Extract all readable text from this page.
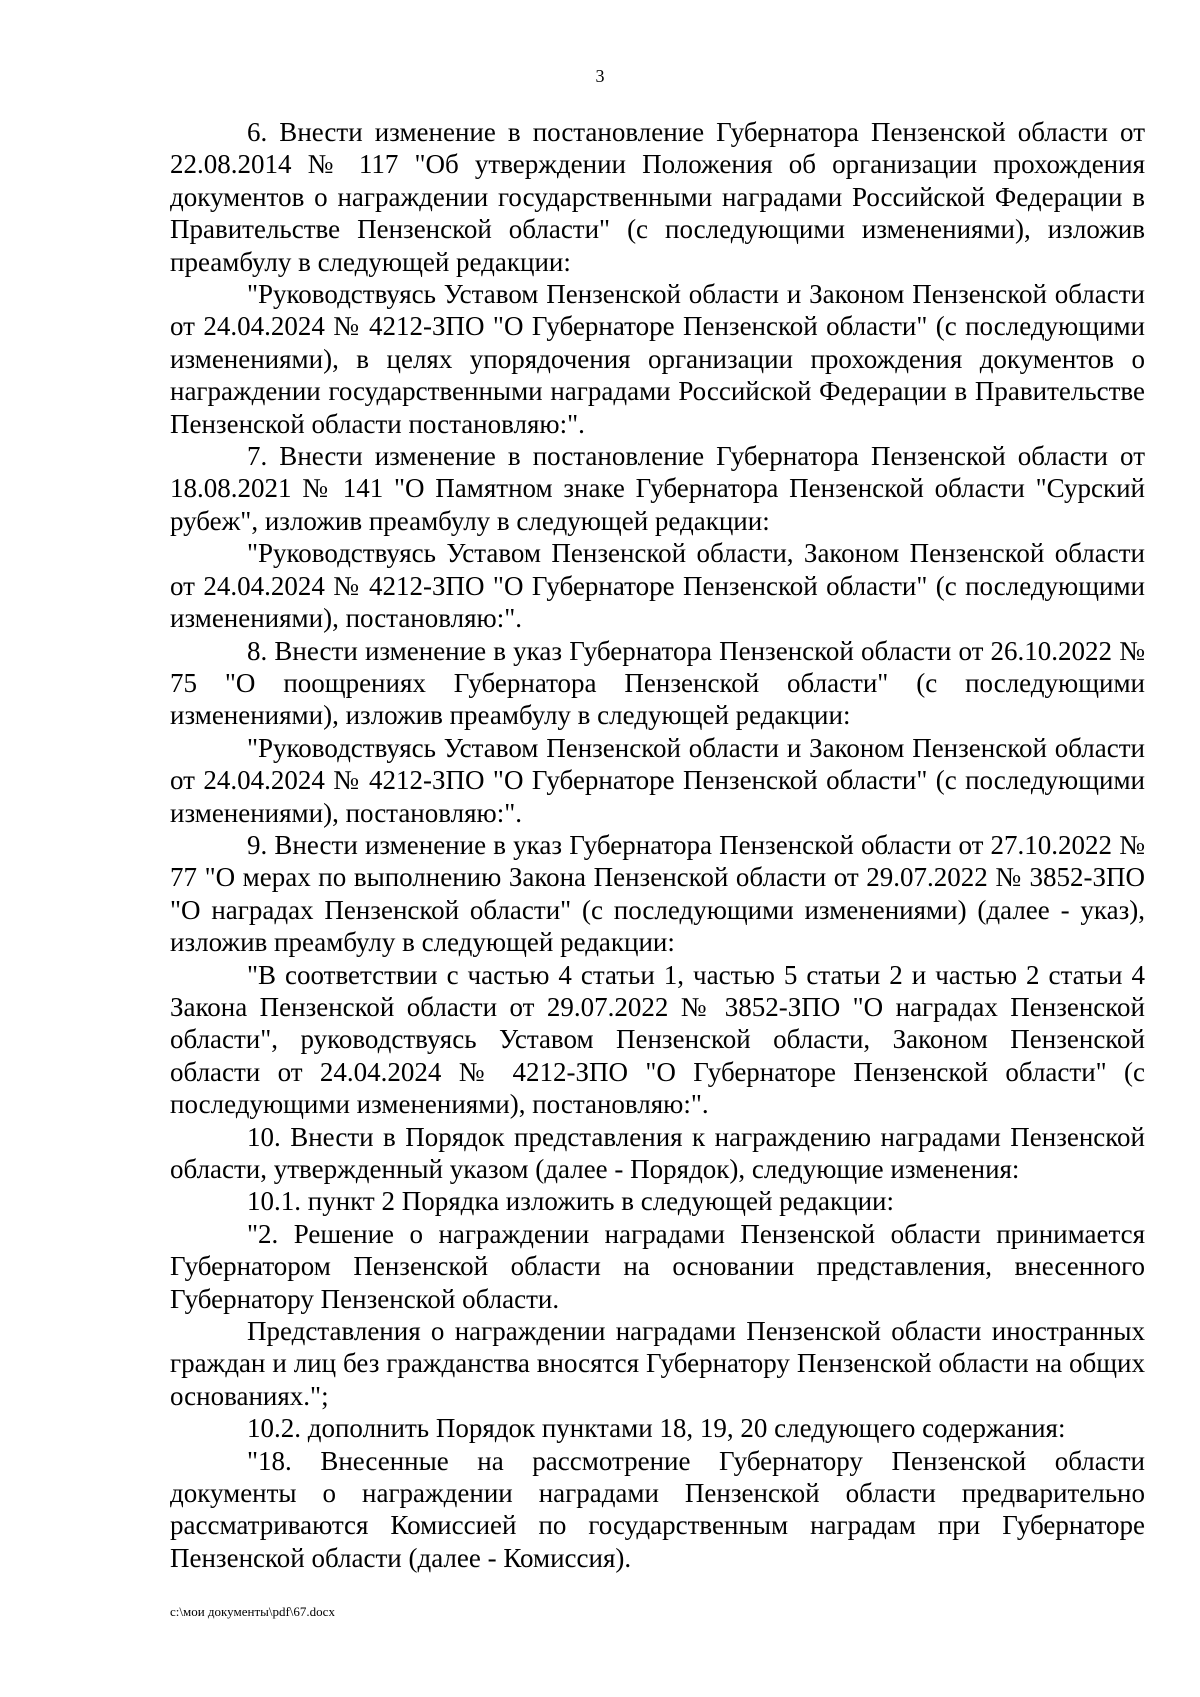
3

6. Внести изменение в постановление Губернатора Пензенской области от 22.08.2014 № 117 "Об утверждении Положения об организации прохождения документов о награждении государственными наградами Российской Федерации в Правительстве Пензенской области" (с последующими изменениями), изложив преамбулу в следующей редакции:

"Руководствуясь Уставом Пензенской области и Законом Пензенской области от 24.04.2024 № 4212-ЗПО "О Губернаторе Пензенской области" (с последующими изменениями), в целях упорядочения организации прохождения документов о награждении государственными наградами Российской Федерации в Правительстве Пензенской области постановляю:".

7. Внести изменение в постановление Губернатора Пензенской области от 18.08.2021 № 141 "О Памятном знаке Губернатора Пензенской области "Сурский рубеж", изложив преамбулу в следующей редакции:

"Руководствуясь Уставом Пензенской области, Законом Пензенской области от 24.04.2024 № 4212-ЗПО "О Губернаторе Пензенской области" (с последующими изменениями), постановляю:".

8. Внести изменение в указ Губернатора Пензенской области от 26.10.2022 № 75 "О поощрениях Губернатора Пензенской области" (с последующими изменениями), изложив преамбулу в следующей редакции:

"Руководствуясь Уставом Пензенской области и Законом Пензенской области от 24.04.2024 № 4212-ЗПО "О Губернаторе Пензенской области" (с последующими изменениями), постановляю:".

9. Внести изменение в указ Губернатора Пензенской области от 27.10.2022 № 77 "О мерах по выполнению Закона Пензенской области от 29.07.2022 № 3852-ЗПО "О наградах Пензенской области" (с последующими изменениями) (далее - указ), изложив преамбулу в следующей редакции:

"В соответствии с частью 4 статьи 1, частью 5 статьи 2 и частью 2 статьи 4 Закона Пензенской области от 29.07.2022 № 3852-ЗПО "О наградах Пензенской области", руководствуясь Уставом Пензенской области, Законом Пензенской области от 24.04.2024 № 4212-ЗПО "О Губернаторе Пензенской области" (с последующими изменениями), постановляю:".

10. Внести в Порядок представления к награждению наградами Пензенской области, утвержденный указом (далее - Порядок), следующие изменения:

10.1. пункт 2 Порядка изложить в следующей редакции:

"2. Решение о награждении наградами Пензенской области принимается Губернатором Пензенской области на основании представления, внесенного Губернатору Пензенской области.

Представления о награждении наградами Пензенской области иностранных граждан и лиц без гражданства вносятся Губернатору Пензенской области на общих основаниях.";

10.2. дополнить Порядок пунктами 18, 19, 20 следующего содержания:

"18. Внесенные на рассмотрение Губернатору Пензенской области документы о награждении наградами Пензенской области предварительно рассматриваются Комиссией по государственным наградам при Губернаторе Пензенской области (далее - Комиссия).

c:\мои документы\pdf\67.docx
